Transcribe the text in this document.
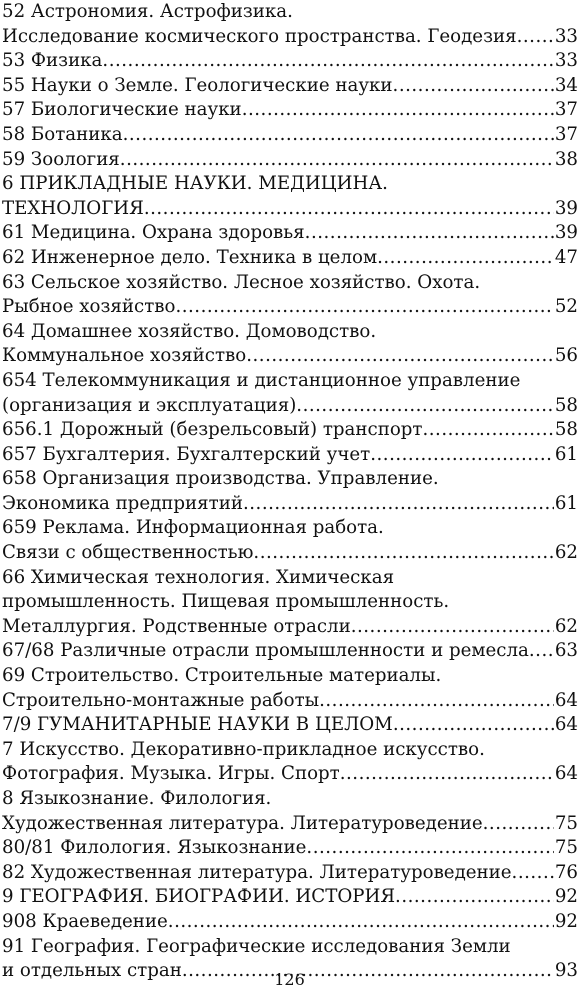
52 Астрономия. Астрофизика.
Исследование космического пространства. Геодезия ..... 33
53 Физика .....	33
55 Науки о Земле. Геологические науки .....	34
57 Биологические науки .....	37
58 Ботаника .....	37
59 Зоология .....	38
6 ПРИКЛАДНЫЕ НАУКИ. МЕДИЦИНА.
ТЕХНОЛОГИЯ .....	39
61 Медицина. Охрана здоровья .....	39
62 Инженерное дело. Техника в целом .....	47
63 Сельское хозяйство. Лесное хозяйство. Охота.
Рыбное хозяйство .....	52
64 Домашнее хозяйство. Домоводство.
Коммунальное хозяйство .....	56
654 Телекоммуникация и дистанционное управление
(организация и эксплуатация) .....	58
656.1 Дорожный (безрельсовый) транспорт .....	58
657 Бухгалтерия. Бухгалтерский учет .....	61
658 Организация производства. Управление.
Экономика предприятий .....	61
659 Реклама. Информационная работа.
Связи с общественностью .....	62
66 Химическая технология. Химическая
промышленность. Пищевая промышленность.
Металлургия. Родственные отрасли .....	62
67/68 Различные отрасли промышленности и ремесла ..... 63
69 Строительство. Строительные материалы.
Строительно-монтажные работы .....	64
7/9 ГУМАНИТАРНЫЕ НАУКИ В ЦЕЛОМ .....	64
7 Искусство. Декоративно-прикладное искусство.
Фотография. Музыка. Игры. Спорт .....	64
8 Языкознание. Филология.
Художественная литература. Литературоведение .....	75
80/81 Филология. Языкознание .....	75
82 Художественная литература. Литературоведение ..... 76
9 ГЕОГРАФИЯ. БИОГРАФИИ. ИСТОРИЯ .....	92
908 Краеведение .....	92
91 География. Географические исследования Земли
и отдельных стран .....	93
126
